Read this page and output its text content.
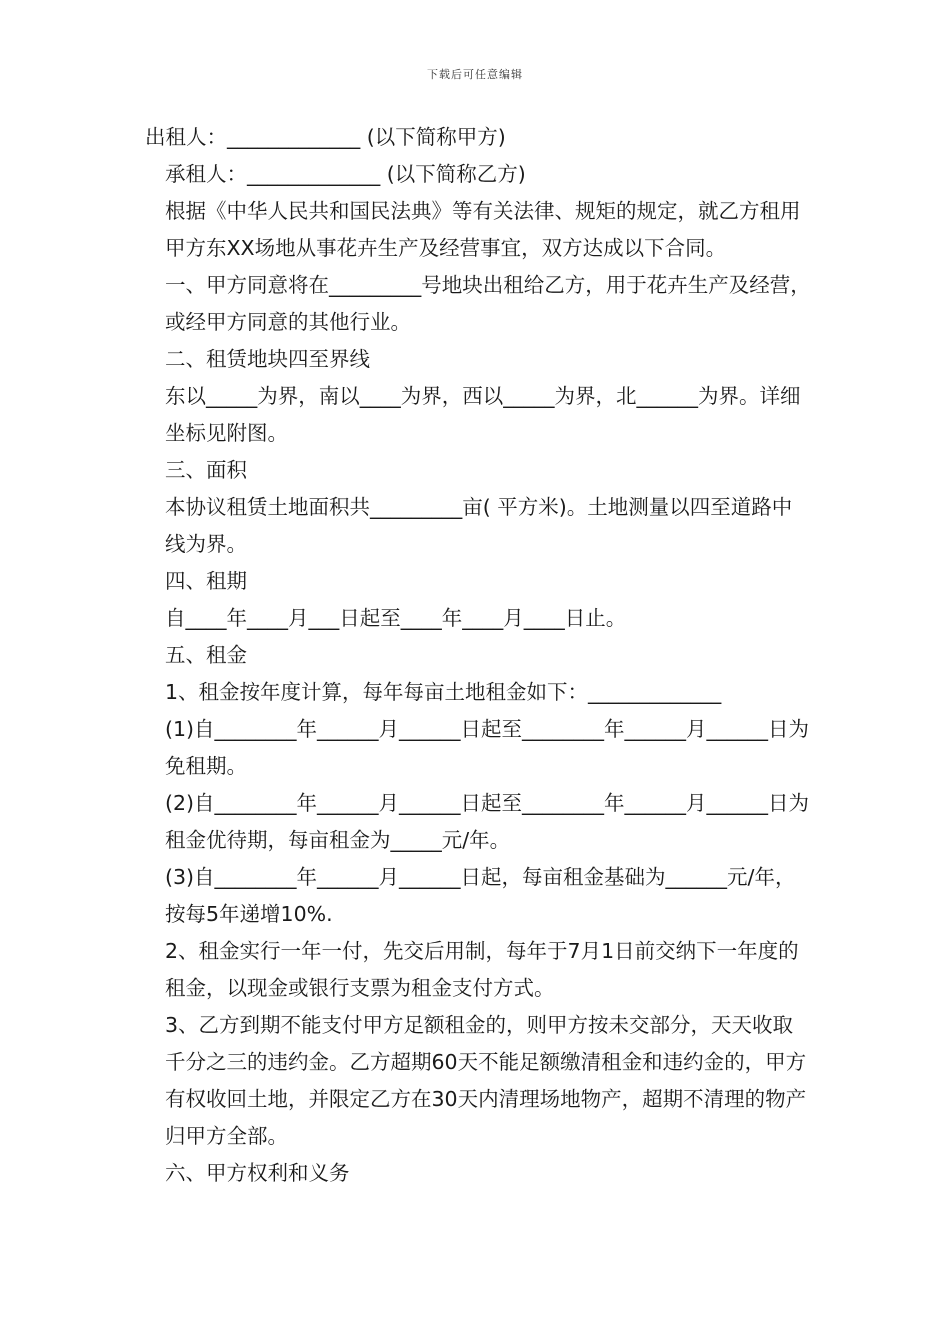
下载后可任意编辑

出租人：_____________ (以下简称甲方)

承租人：_____________ (以下简称乙方)

根据《中华人民共和国民法典》等有关法律、规矩的规定，就乙方租用甲方东XX场地从事花卉生产及经营事宜，双方达成以下合同。

一、甲方同意将在_________号地块出租给乙方，用于花卉生产及经营，或经甲方同意的其他行业。

二、租赁地块四至界线

东以_____为界，南以____为界，西以_____为界，北______为界。详细坐标见附图。

三、面积

本协议租赁土地面积共_________亩( 平方米)。土地测量以四至道路中线为界。

四、租期

自____年____月___日起至____年____月____日止。

五、租金

1、租金按年度计算，每年每亩土地租金如下：_____________

(1)自________年______月______日起至________年______月______日为免租期。

(2)自________年______月______日起至________年______月______日为租金优待期，每亩租金为_____元/年。

(3)自________年______月______日起，每亩租金基础为______元/年，按每5年递增10%.

2、租金实行一年一付，先交后用制，每年于7月1日前交纳下一年度的租金，以现金或银行支票为租金支付方式。

3、乙方到期不能支付甲方足额租金的，则甲方按未交部分，天天收取千分之三的违约金。乙方超期60天不能足额缴清租金和违约金的，甲方有权收回土地，并限定乙方在30天内清理场地物产，超期不清理的物产归甲方全部。

六、甲方权利和义务
